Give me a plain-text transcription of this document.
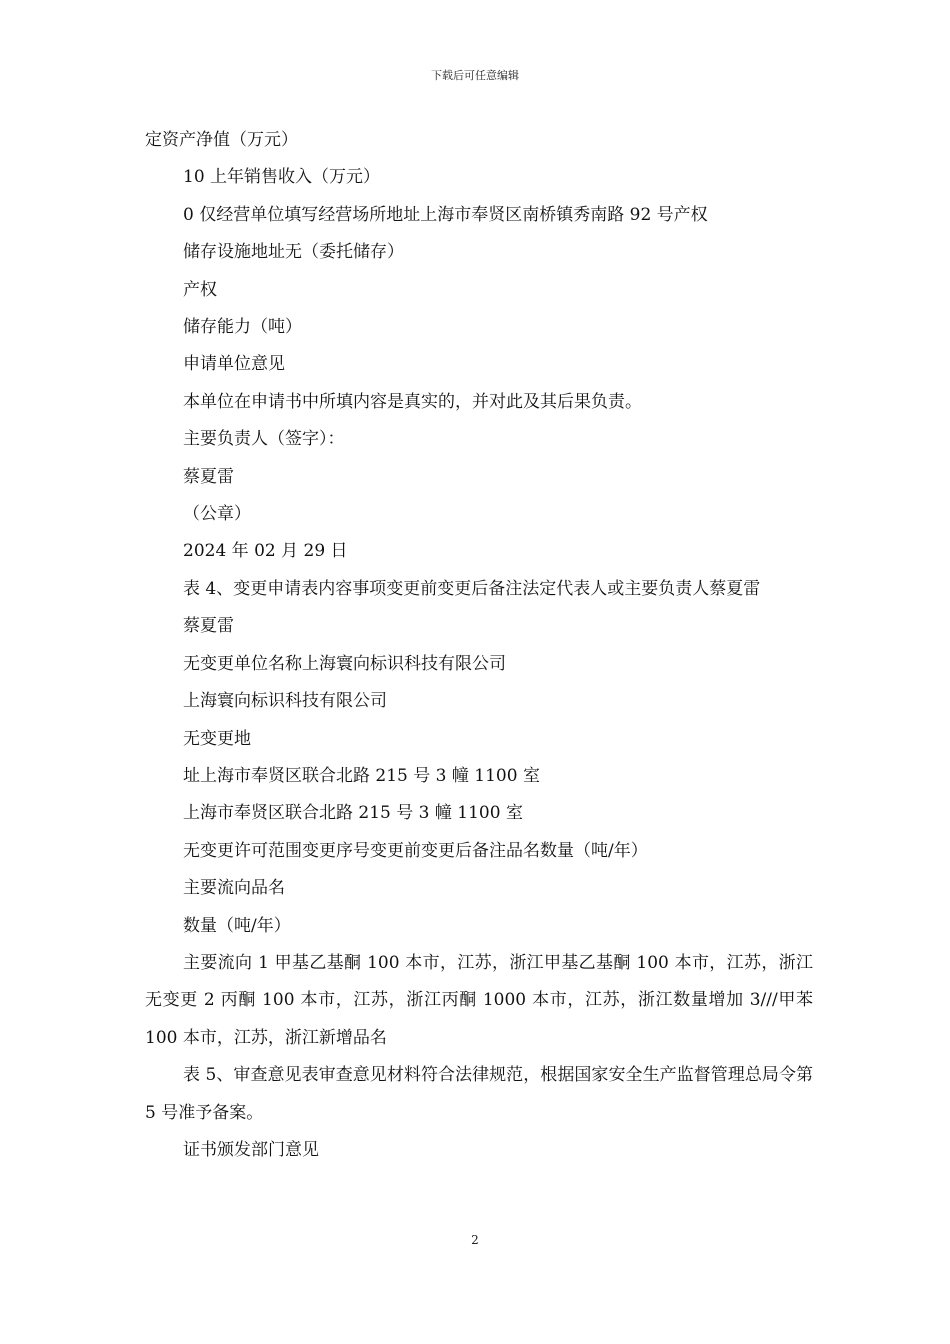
下载后可任意编辑

定资产净值（万元）

10 上年销售收入（万元）

0 仅经营单位填写经营场所地址上海市奉贤区南桥镇秀南路 92 号产权

储存设施地址无（委托储存）

产权

储存能力（吨）

申请单位意见

本单位在申请书中所填内容是真实的，并对此及其后果负责。

主要负责人（签字）：

蔡夏雷

（公章）

2024 年 02 月 29 日

表 4、变更申请表内容事项变更前变更后备注法定代表人或主要负责人蔡夏雷

蔡夏雷

无变更单位名称上海寰向标识科技有限公司

上海寰向标识科技有限公司

无变更地

址上海市奉贤区联合北路 215 号 3 幢 1100 室

上海市奉贤区联合北路 215 号 3 幢 1100 室

无变更许可范围变更序号变更前变更后备注品名数量（吨/年）

主要流向品名

数量（吨/年）

主要流向 1 甲基乙基酮 100 本市，江苏，浙江甲基乙基酮 100 本市，江苏，浙江无变更 2 丙酮 100 本市，江苏，浙江丙酮 1000 本市，江苏，浙江数量增加 3///甲苯 100 本市，江苏，浙江新增品名

表 5、审查意见表审查意见材料符合法律规范，根据国家安全生产监督管理总局令第 5 号准予备案。

证书颁发部门意见

2
